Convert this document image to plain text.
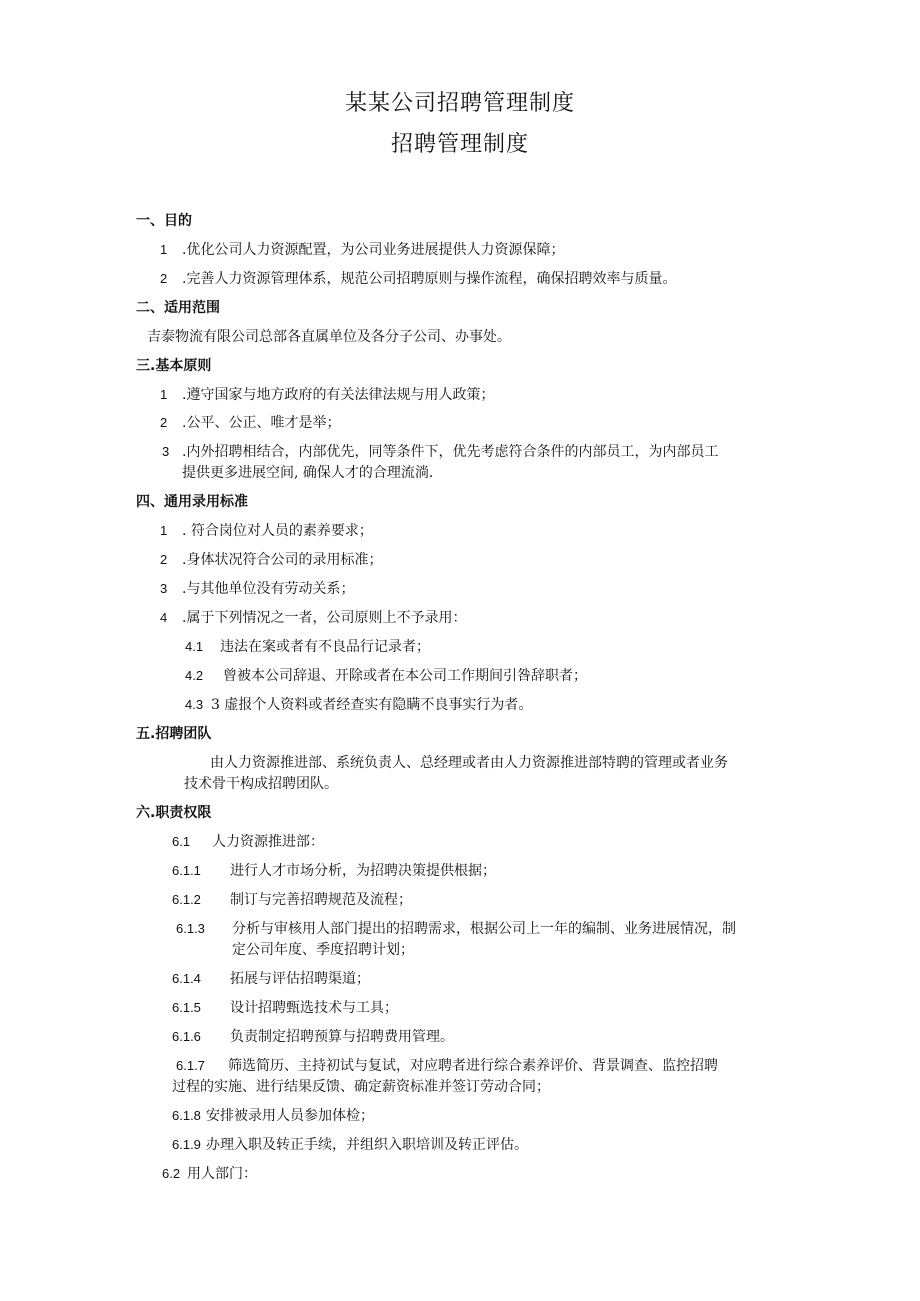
某某公司招聘管理制度
招聘管理制度
一、目的
1 .优化公司人力资源配置，为公司业务进展提供人力资源保障；
2 .完善人力资源管理体系，规范公司招聘原则与操作流程，确保招聘效率与质量。
二、适用范围
吉泰物流有限公司总部各直属单位及各分子公司、办事处。
三.基本原则
1 .遵守国家与地方政府的有关法律法规与用人政策；
2 .公平、公正、唯才是举；
3 .内外招聘相结合，内部优先，同等条件下，优先考虑符合条件的内部员工，为内部员工
提供更多进展空间, 确保人才的合理流淌.
四、通用录用标准
1 . 符合岗位对人员的素养要求；
2 .身体状况符合公司的录用标准；
3 .与其他单位没有劳动关系；
4 .属于下列情况之一者，公司原则上不予录用：
4.1 违法在案或者有不良品行记录者；
4.2 曾被本公司辞退、开除或者在本公司工作期间引咎辞职者；
4.3 3 虚报个人资料或者经查实有隐瞒不良事实行为者。
五.招聘团队
由人力资源推进部、系统负责人、总经理或者由人力资源推进部特聘的管理或者业务
技术骨干构成招聘团队。
六.职责权限
6.1 人力资源推进部：
6.1.1 进行人才市场分析，为招聘决策提供根据；
6.1.2 制订与完善招聘规范及流程；
6.1.3 分析与审核用人部门提出的招聘需求，根据公司上一年的编制、业务进展情况，制
定公司年度、季度招聘计划；
6.1.4 拓展与评估招聘渠道；
6.1.5 设计招聘甄选技术与工具；
6.1.6 负责制定招聘预算与招聘费用管理。
6.1.7 筛选简历、主持初试与复试，对应聘者进行综合素养评价、背景调查、监控招聘
过程的实施、进行结果反馈、确定薪资标准并签订劳动合同；
6.1.8 安排被录用人员参加体检；
6.1.9 办理入职及转正手续，并组织入职培训及转正评估。
6.2 用人部门：
